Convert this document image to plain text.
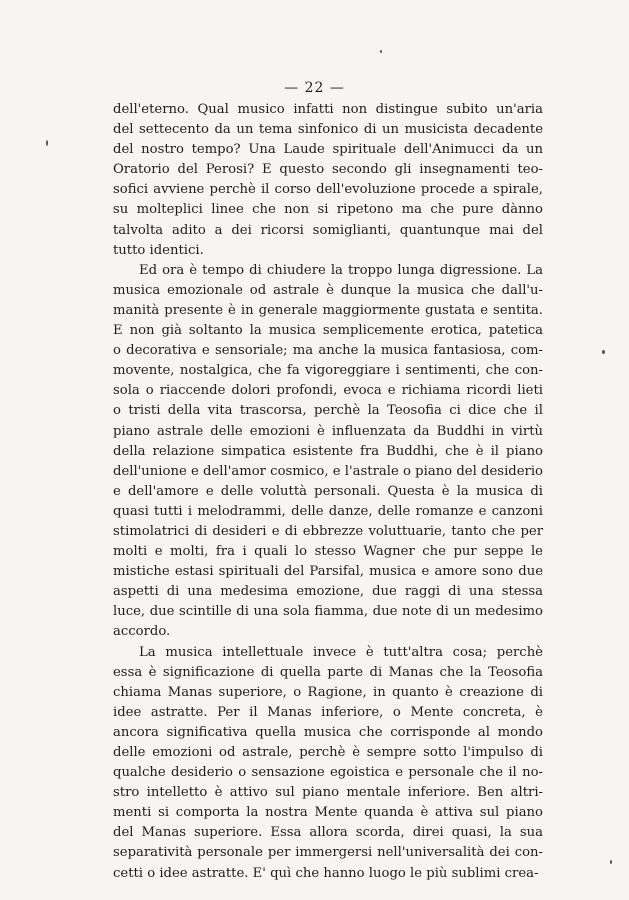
— 22 —

dell'eterno. Qual musico infatti non distingue subito un'aria
del settecento da un tema sinfonico di un musicista decadente
del nostro tempo? Una Laude spirituale dell'Animucci da un
Oratorio del Perosi? E questo secondo gli insegnamenti teo-
sofici avviene perchè il corso dell'evoluzione procede a spirale,
su molteplici linee che non si ripetono ma che pure dànno
talvolta adito a dei ricorsi somiglianti, quantunque mai del
tutto identici.

Ed ora è tempo di chiudere la troppo lunga digressione. La
musica emozionale od astrale è dunque la musica che dall'u-
manità presente è in generale maggiormente gustata e sentita.
E non già soltanto la musica semplicemente erotica, patetica
o decorativa e sensoriale; ma anche la musica fantasiosa, com-
movente, nostalgica, che fa vigoreggiare i sentimenti, che con-
sola o riaccende dolori profondi, evoca e richiama ricordi lieti
o tristi della vita trascorsa, perchè la Teosofia ci dice che il
piano astrale delle emozioni è influenzata da Buddhi in virtù
della relazione simpatica esistente fra Buddhi, che è il piano
dell'unione e dell'amor cosmico, e l'astrale o piano del desiderio
e dell'amore e delle voluttà personali. Questa è la musica di
quasi tutti i melodrammi, delle danze, delle romanze e canzoni
stimolatrici di desideri e di ebbrezze voluttuarie, tanto che per
molti e molti, fra i quali lo stesso Wagner che pur seppe le
mistiche estasi spirituali del Parsifal, musica e amore sono due
aspetti di una medesima emozione, due raggi di una stessa
luce, due scintille di una sola fiamma, due note di un medesimo
accordo.

La musica intellettuale invece è tutt'altra cosa; perchè
essa è significazione di quella parte di Manas che la Teosofia
chiama Manas superiore, o Ragione, in quanto è creazione di
idee astratte. Per il Manas inferiore, o Mente concreta, è
ancora significativa quella musica che corrisponde al mondo
delle emozioni od astrale, perchè è sempre sotto l'impulso di
qualche desiderio o sensazione egoistica e personale che il no-
stro intelletto è attivo sul piano mentale inferiore. Ben altri-
menti si comporta la nostra Mente quanda è attiva sul piano
del Manas superiore. Essa allora scorda, direi quasi, la sua
separatività personale per immergersi nell'universalità dei con-
cetti o idee astratte. E' quì che hanno luogo le più sublimi crea-
